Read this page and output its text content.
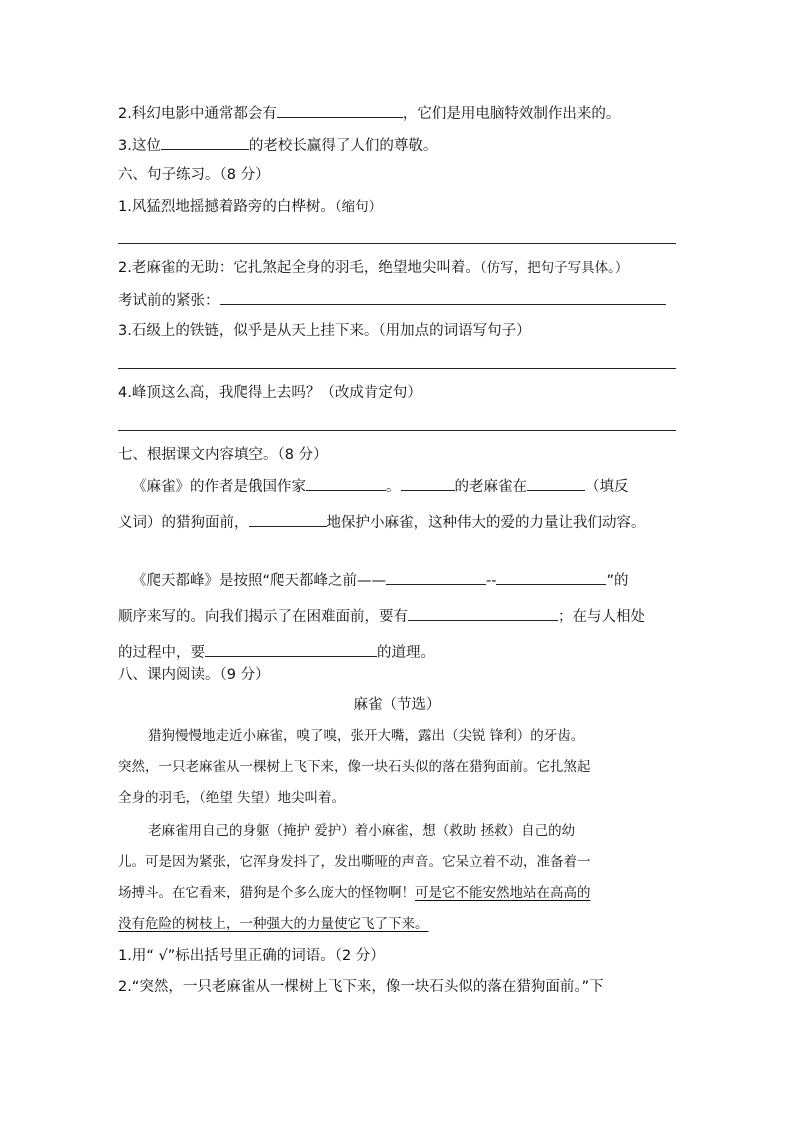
2.科幻电影中通常都会有	，它们是用电脑特效制作出来的。
3.这位	的老校长赢得了人们的尊敬。
六、句子练习。（8 分）
1.风猛烈地摇撼着路旁的白桦树。（缩句）
2.老麻雀的无助：它扎煞起全身的羽毛，绝望地尖叫着。（仿写，把句子写具体。）
考试前的紧张：
3.石级上的铁链，似乎是从天上挂下来。（用加点的词语写句子）
4.峰顶这么高，我爬得上去吗？（改成肯定句）
七、根据课文内容填空。（8 分）
《麻雀》的作者是俄国作家	。	的老麻雀在	（填反
义词）的猎狗面前，	地保护小麻雀，这种伟大的爱的力量让我们动容。
《爬天都峰》是按照“爬天都峰之前——	--	”的
顺序来写的。向我们揭示了在困难面前，要有	；在与人相处
的过程中，要	的道理。
八、课内阅读。（9 分）
麻雀（节选）
猎狗慢慢地走近小麻雀，嗅了嗅，张开大嘴，露出（尖锐 锋利）的牙齿。
突然，一只老麻雀从一棵树上飞下来，像一块石头似的落在猎狗面前。它扎煞起
全身的羽毛，（绝望 失望）地尖叫着。
老麻雀用自己的身躯（掩护 爱护）着小麻雀，想（救助 拯救）自己的幼
儿。可是因为紧张，它浑身发抖了，发出嘶哑的声音。它呆立着不动，准备着一
场搏斗。在它看来，猎狗是个多么庞大的怪物啊！可是它不能安然地站在高高的
没有危险的树枝上，一种强大的力量使它飞了下来。
1.用“ √”标出括号里正确的词语。（2 分）
2.“突然，一只老麻雀从一棵树上飞下来，像一块石头似的落在猎狗面前。”下
